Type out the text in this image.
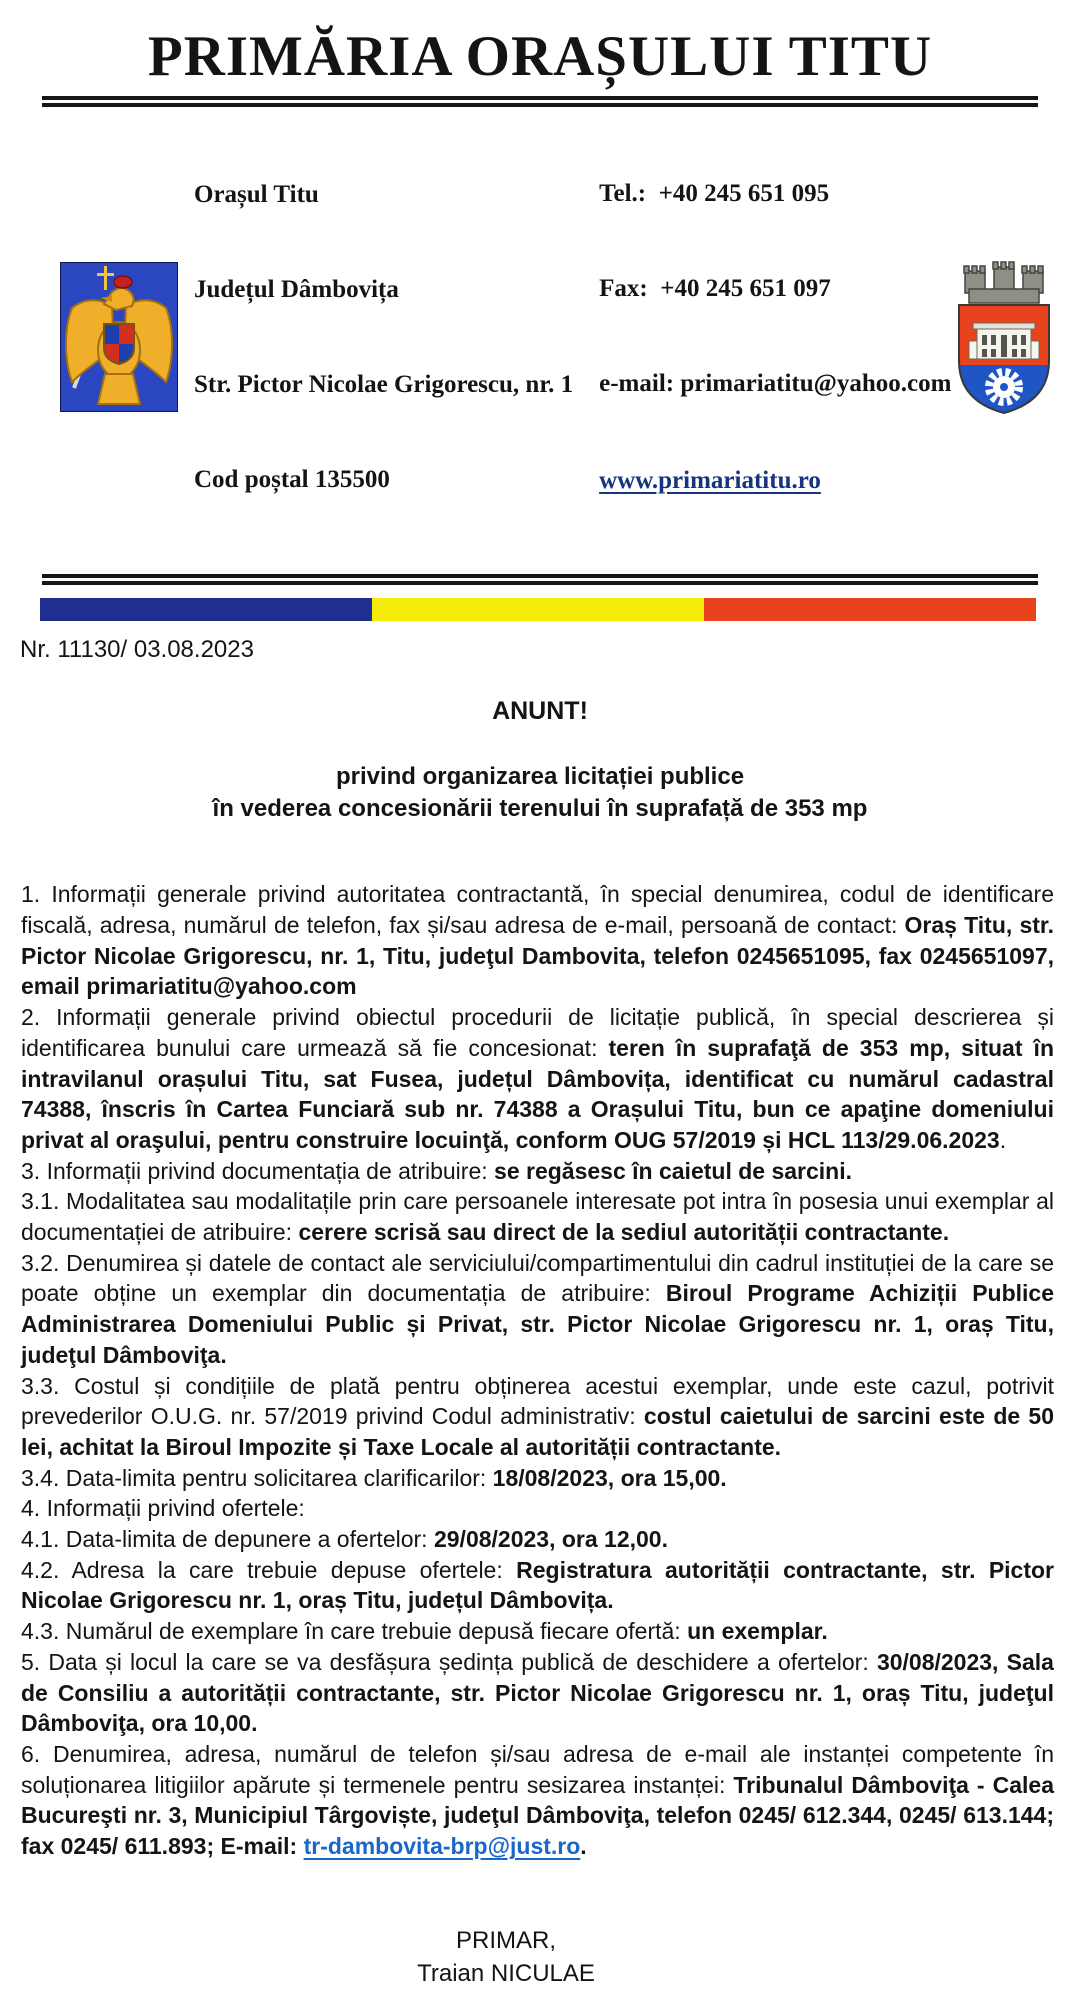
PRIMĂRIA ORAȘULUI TITU

Orașul Titu

Județul Dâmbovița

Str. Pictor Nicolae Grigorescu, nr. 1

Cod poștal 135500

Tel.:  +40 245 651 095

Fax:  +40 245 651 097

e-mail: primariatitu@yahoo.com

www.primariatitu.ro

Nr. 11130/ 03.08.2023
ANUNT!
privind organizarea licitației publice
în vederea concesionării terenului în suprafață de 353 mp

1. Informații generale privind autoritatea contractantă, în special denumirea, codul de identificare fiscală, adresa, numărul de telefon, fax și/sau adresa de e-mail, persoană de contact: Oraș Titu, str. Pictor Nicolae Grigorescu, nr. 1, Titu, judeţul Dambovita, telefon 0245651095, fax 0245651097, email primariatitu@yahoo.com

2. Informații generale privind obiectul procedurii de licitație publică, în special descrierea și identificarea bunului care urmează să fie concesionat: teren în suprafaţă de 353 mp, situat în intravilanul orașului Titu, sat Fusea, județul Dâmbovița, identificat cu numărul cadastral 74388, înscris în Cartea Funciară sub nr. 74388 a Orașului Titu, bun ce apaţine domeniului privat al oraşului, pentru construire locuinţă, conform OUG 57/2019 și HCL 113/29.06.2023.

3. Informații privind documentația de atribuire: se regăsesc în caietul de sarcini.

3.1. Modalitatea sau modalitațile prin care persoanele interesate pot intra în posesia unui exemplar al documentației de atribuire: cerere scrisă sau direct de la sediul autorității contractante.

3.2. Denumirea și datele de contact ale serviciului/compartimentului din cadrul instituției de la care se poate obține un exemplar din documentația de atribuire: Biroul Programe Achiziții Publice Administrarea Domeniului Public și Privat, str. Pictor Nicolae Grigorescu nr. 1, oraș Titu, judeţul Dâmboviţa.

3.3. Costul și condițiile de plată pentru obținerea acestui exemplar, unde este cazul, potrivit prevederilor O.U.G. nr. 57/2019 privind Codul administrativ: costul caietului de sarcini este de 50 lei, achitat la Biroul Impozite și Taxe Locale al autorității contractante.

3.4. Data-limita pentru solicitarea clarificarilor: 18/08/2023, ora 15,00.

4. Informații privind ofertele:

4.1. Data-limita de depunere a ofertelor: 29/08/2023, ora 12,00.

4.2. Adresa la care trebuie depuse ofertele: Registratura autorității contractante, str. Pictor Nicolae Grigorescu nr. 1, oraș Titu, județul Dâmbovița.

4.3. Numărul de exemplare în care trebuie depusă fiecare ofertă: un exemplar.

5. Data și locul la care se va desfășura ședința publică de deschidere a ofertelor: 30/08/2023, Sala de Consiliu a autorității contractante, str. Pictor Nicolae Grigorescu nr. 1, oraș Titu, judeţul Dâmboviţa, ora 10,00.

6. Denumirea, adresa, numărul de telefon și/sau adresa de e-mail ale instanței competente în soluționarea litigiilor apărute și termenele pentru sesizarea instanței: Tribunalul Dâmboviţa - Calea Bucureşti nr. 3, Municipiul Târgoviște, judeţul Dâmboviţa, telefon 0245/ 612.344, 0245/ 613.144; fax 0245/ 611.893; E-mail: tr-dambovita-brp@just.ro.

PRIMAR,
Traian NICULAE
